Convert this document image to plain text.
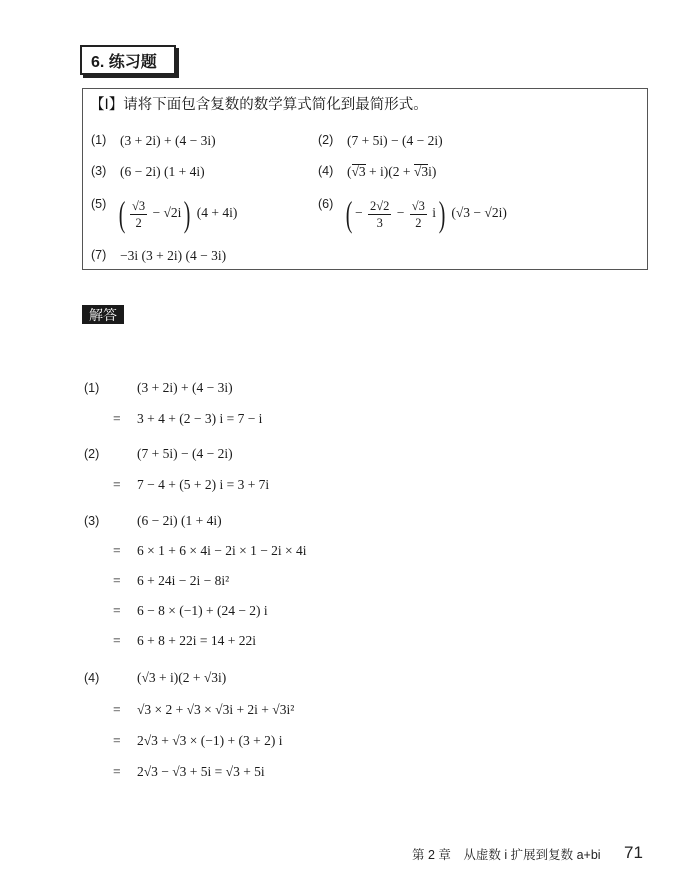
6. 练习题
【Ⅰ】请将下面包含复数的数学算式简化到最简形式。
(1) (3 + 2i) + (4 − 3i)	(2) (7 + 5i) − (4 − 2i)
(3) (6 − 2i) (1 + 4i)	(4) (√3 + i)(2 + √3i)
(5) ( $\frac{√3}{2} - √2i$) (4 + 4i)
(6) ( − $\frac{2√2}{3} - \frac{√3}{2} i$) (√3 − √2i)
(7) −3i (3 + 2i) (4 − 3i)
解答
(1)	(3 + 2i) + (4 − 3i)
= 3 + 4 + (2 − 3) i = 7 − i
(2)	(7 + 5i) − (4 − 2i)
= 7 − 4 + (5 + 2) i = 3 + 7i
(3)	(6 − 2i) (1 + 4i)
= 6 × 1 + 6 × 4i − 2i × 1 − 2i × 4i
= 6 + 24i − 2i − 8i²
= 6 − 8 × (−1) + (24 − 2) i
= 6 + 8 + 22i = 14 + 22i
(4)	(√3 + i)(2 + √3i)
= √3 × 2 + √3 × √3i + 2i + √3i²
= 2√3 + √3 × (−1) + (3 + 2) i
= 2√3 − √3 + 5i = √3 + 5i
第 2 章　从虚数 i 扩展到复数 a+bi 71
